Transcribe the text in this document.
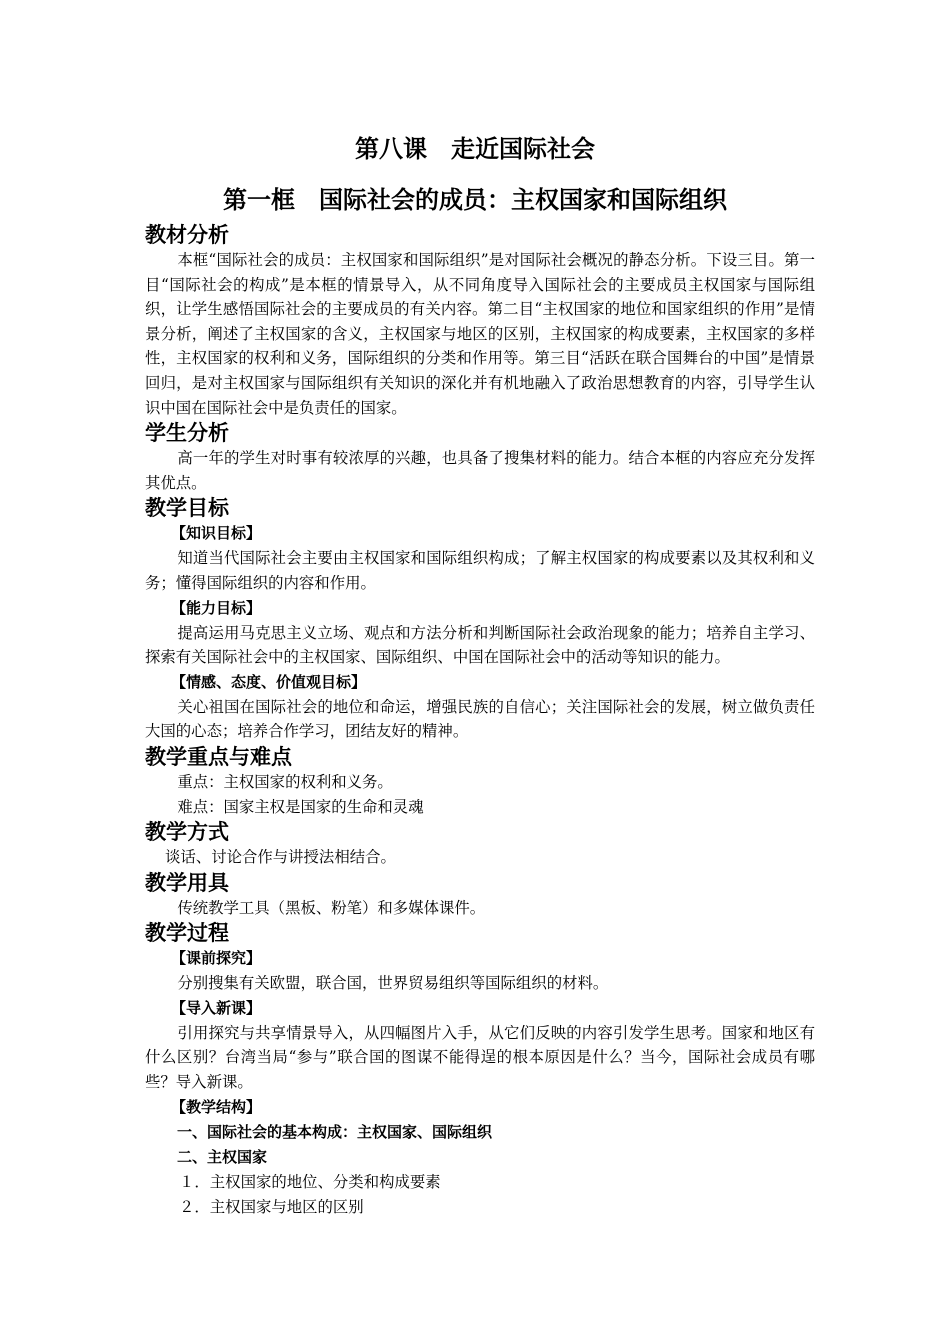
第八课　走近国际社会
第一框　国际社会的成员：主权国家和国际组织
教材分析

本框“国际社会的成员：主权国家和国际组织”是对国际社会概况的静态分析。下设三目。第一目“国际社会的构成”是本框的情景导入，从不同角度导入国际社会的主要成员主权国家与国际组织，让学生感悟国际社会的主要成员的有关内容。第二目“主权国家的地位和国家组织的作用”是情景分析，阐述了主权国家的含义，主权国家与地区的区别，主权国家的构成要素，主权国家的多样性，主权国家的权利和义务，国际组织的分类和作用等。第三目“活跃在联合国舞台的中国”是情景回归，是对主权国家与国际组织有关知识的深化并有机地融入了政治思想教育的内容，引导学生认识中国在国际社会中是负责任的国家。

学生分析

高一年的学生对时事有较浓厚的兴趣，也具备了搜集材料的能力。结合本框的内容应充分发挥其优点。

教学目标
【知识目标】

知道当代国际社会主要由主权国家和国际组织构成；了解主权国家的构成要素以及其权利和义务；懂得国际组织的内容和作用。

【能力目标】

提高运用马克思主义立场、观点和方法分析和判断国际社会政治现象的能力；培养自主学习、探索有关国际社会中的主权国家、国际组织、中国在国际社会中的活动等知识的能力。

【情感、态度、价值观目标】

关心祖国在国际社会的地位和命运，增强民族的自信心；关注国际社会的发展，树立做负责任大国的心态；培养合作学习，团结友好的精神。

教学重点与难点

重点：主权国家的权利和义务。

难点：国家主权是国家的生命和灵魂

教学方式

谈话、讨论合作与讲授法相结合。

教学用具

传统教学工具（黑板、粉笔）和多媒体课件。

教学过程
【课前探究】

分别搜集有关欧盟，联合国，世界贸易组织等国际组织的材料。

【导入新课】

引用探究与共享情景导入，从四幅图片入手，从它们反映的内容引发学生思考。国家和地区有什么区别？台湾当局“参与”联合国的图谋不能得逞的根本原因是什么？当今，国际社会成员有哪些？导入新课。

【教学结构】
一、国际社会的基本构成：主权国家、国际组织
二、主权国家

１．主权国家的地位、分类和构成要素

２．主权国家与地区的区别
